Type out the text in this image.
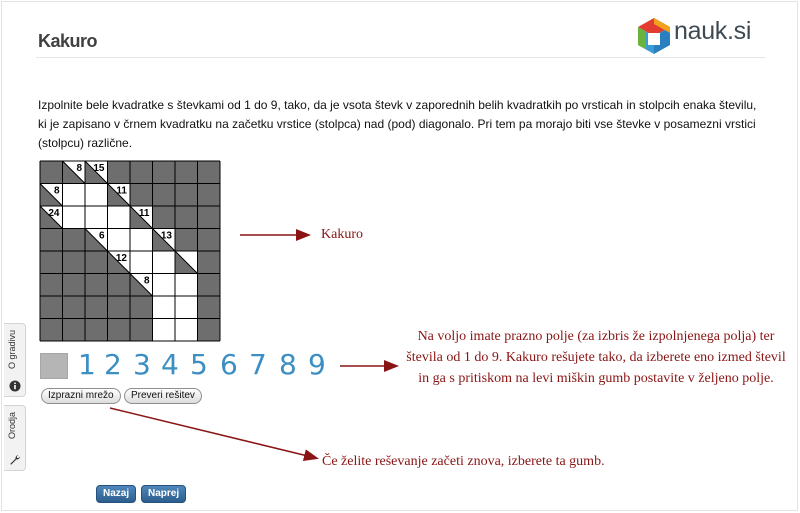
Kakuro	nauk.si
Izpolnite bele kvadratke s števkami od 1 do 9, tako, da je vsota števk v zaporednih belih kvadratkih po vrsticah in stolpcih enaka številu, ki je zapisano v črnem kvadratku na začetku vrstice (stolpca) nad (pod) diagonalo. Pri tem pa morajo biti vse števke v posamezni vrstici (stolpcu) različne.
8 15
8	11
24	11
6	13
12
8
1 2 3 4 5 6 7 8 9
Izprazni mrežo	Preveri rešitev
Nazaj	Naprej
O gradivu
Orodja
Kakuro
Na voljo imate prazno polje (za izbris že izpolnjenega polja) ter števila od 1 do 9. Kakuro rešujete tako, da izberete eno izmed števil in ga s pritiskom na levi miškin gumb postavite v željeno polje.
Če želite reševanje začeti znova, izberete ta gumb.
